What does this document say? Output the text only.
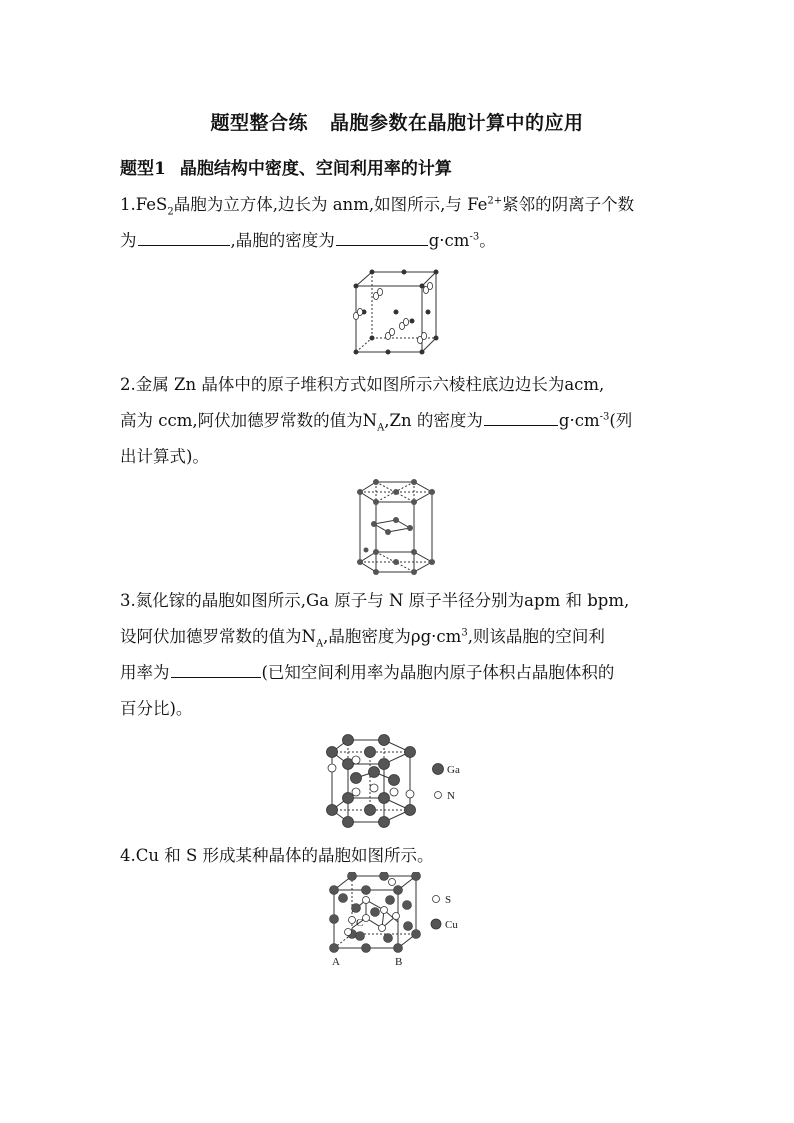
题型整合练 晶胞参数在晶胞计算中的应用
题型1 晶胞结构中密度、空间利用率的计算
1.FeS$_2$晶胞为立方体,边长为 anm,如图所示,与 $Fe^{2+}$紧邻的阴离子个数
为	,晶胞的密度为	$g\cdot cm^{-3}$。
2.金属 Zn 晶体中的原子堆积方式如图所示六棱柱底边边长为acm,
高为 ccm,阿伏加德罗常数的值为$N_A,Zn$ 的密度为	$g\cdot cm^{-3}$(列
出计算式)。
3.氮化镓的晶胞如图所示,Ga 原子与 N 原子半径分别为apm 和 bpm,
设阿伏加德罗常数的值为$N_A$,晶胞密度为$\rho g\cdot cm^3$,则该晶胞的空间利
用率为	(已知空间利用率为晶胞内原子体积占晶胞体积的
百分比)。
Ga
N
4.Cu 和 S 形成某种晶体的晶胞如图所示。
C
A	B
S
Cu
